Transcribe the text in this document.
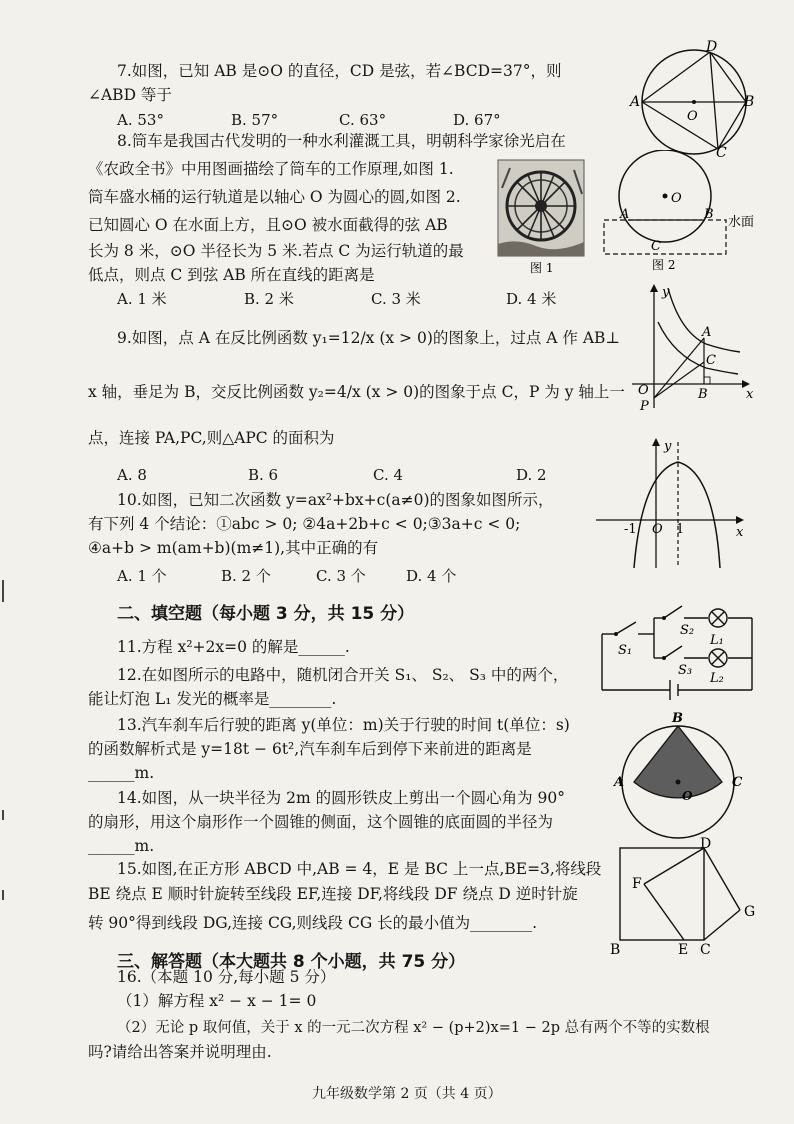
7.如图，已知 AB 是⊙O 的直径，CD 是弦，若∠BCD=37°，则
∠ABD 等于
A. 53°	B. 57°	C. 63°	D. 67°
A	B
C
D
O
8.筒车是我国古代发明的一种水利灌溉工具，明朝科学家徐光启在
《农政全书》中用图画描绘了筒车的工作原理,如图 1.
筒车盛水桶的运行轨道是以轴心 O 为圆心的圆,如图 2.
已知圆心 O 在水面上方，且⊙O 被水面截得的弦 AB
长为 8 米，⊙O 半径长为 5 米.若点 C 为运行轨道的最
低点，则点 C 到弦 AB 所在直线的距离是
A. 1 米	B. 2 米	C. 3 米	D. 4 米
图 1
O
A	B
C
水面
图 2
9.如图，点 A 在反比例函数 y₁=12/x (x > 0)的图象上，过点 A 作 AB⊥
x 轴，垂足为 B，交反比例函数 y₂=4/x (x > 0)的图象于点 C，P 为 y 轴上一
点，连接 PA,PC,则△APC 的面积为
A. 8	B. 6	C. 4	D. 2
y
x
O
P
A
C
B
10.如图，已知二次函数 y=ax²+bx+c(a≠0)的图象如图所示，
有下列 4 个结论：①abc > 0; ②4a+2b+c < 0;③3a+c < 0;
④a+b > m(am+b)(m≠1),其中正确的有
A. 1 个	B. 2 个	C. 3 个	D. 4 个
y
x
O
-1	1
二、填空题（每小题 3 分，共 15 分）
11.方程 x²+2x=0 的解是______.
12.在如图所示的电路中，随机闭合开关 S₁、 S₂、 S₃ 中的两个，
能让灯泡 L₁ 发光的概率是________.
S₁
S₂
S₃
L₁
L₂
13.汽车刹车后行驶的距离 y(单位：m)关于行驶的时间 t(单位：s)
的函数解析式是 y=18t − 6t²,汽车刹车后到停下来前进的距离是
______m.
14.如图，从一块半径为 2m 的圆形铁皮上剪出一个圆心角为 90°
的扇形，用这个扇形作一个圆锥的侧面，这个圆锥的底面圆的半径为
______m.
B
A	C
O
15.如图,在正方形 ABCD 中,AB = 4，E 是 BC 上一点,BE=3,将线段
BE 绕点 E 顺时针旋转至线段 EF,连接 DF,将线段 DF 绕点 D 逆时针旋
转 90°得到线段 DG,连接 CG,则线段 CG 长的最小值为________.
B	C
D
E
F
G
三、解答题（本大题共 8 个小题，共 75 分）
16.（本题 10 分,每小题 5 分）
（1）解方程 x² − x − 1= 0
（2）无论 p 取何值，关于 x 的一元二次方程 x² − (p+2)x=1 − 2p 总有两个不等的实数根
吗?请给出答案并说明理由.
九年级数学第 2 页（共 4 页）
